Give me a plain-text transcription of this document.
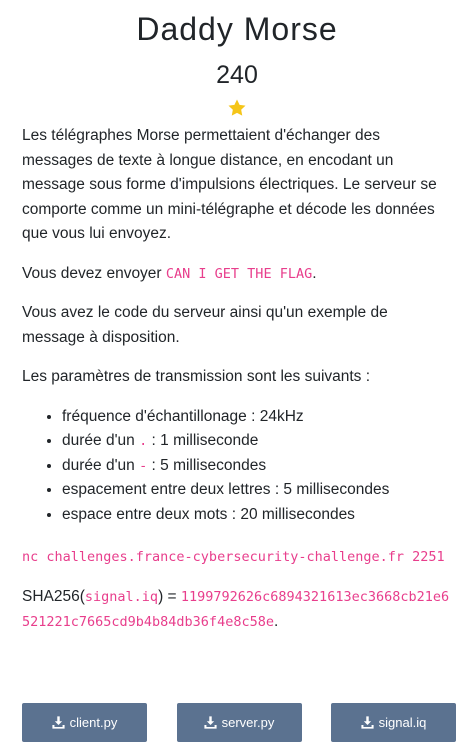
Daddy Morse
240

Les télégraphes Morse permettaient d'échanger des messages de texte à longue distance, en encodant un message sous forme d'impulsions électriques. Le serveur se comporte comme un mini-télégraphe et décode les données que vous lui envoyez.

Vous devez envoyer CAN I GET THE FLAG.

Vous avez le code du serveur ainsi qu'un exemple de message à disposition.

Les paramètres de transmission sont les suivants :

• fréquence d'échantillonage : 24kHz
• durée d'un . : 1 milliseconde
• durée d'un - : 5 millisecondes
• espacement entre deux lettres : 5 millisecondes
• espace entre deux mots : 20 millisecondes

nc challenges.france-cybersecurity-challenge.fr 2251

SHA256(signal.iq) = 1199792626c6894321613ec3668cb21e6521221c7665cd9b4b84db36f4e8c58e.

client.py	server.py	signal.iq
